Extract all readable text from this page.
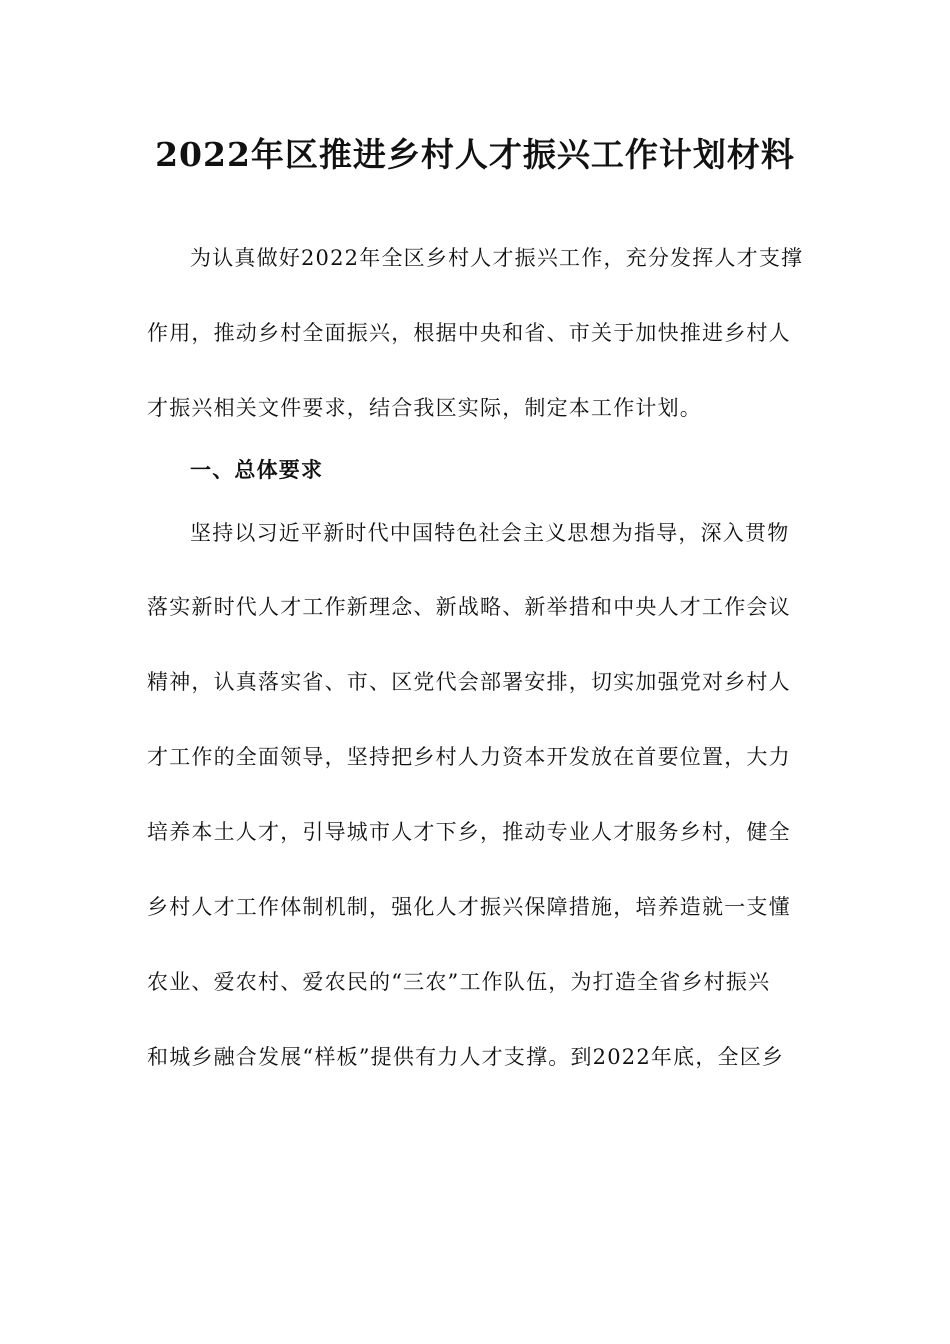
2022年区推进乡村人才振兴工作计划材料
为认真做好2022年全区乡村人才振兴工作，充分发挥人才支撑
作用，推动乡村全面振兴，根据中央和省、市关于加快推进乡村人
才振兴相关文件要求，结合我区实际，制定本工作计划。
一、总体要求
坚持以习近平新时代中国特色社会主义思想为指导，深入贯物
落实新时代人才工作新理念、新战略、新举措和中央人才工作会议
精神，认真落实省、市、区党代会部署安排，切实加强党对乡村人
才工作的全面领导，坚持把乡村人力资本开发放在首要位置，大力
培养本土人才，引导城市人才下乡，推动专业人才服务乡村，健全
乡村人才工作体制机制，强化人才振兴保障措施，培养造就一支懂
农业、爱农村、爱农民的“三农”工作队伍，为打造全省乡村振兴
和城乡融合发展“样板”提供有力人才支撑。到2022年底，全区乡
